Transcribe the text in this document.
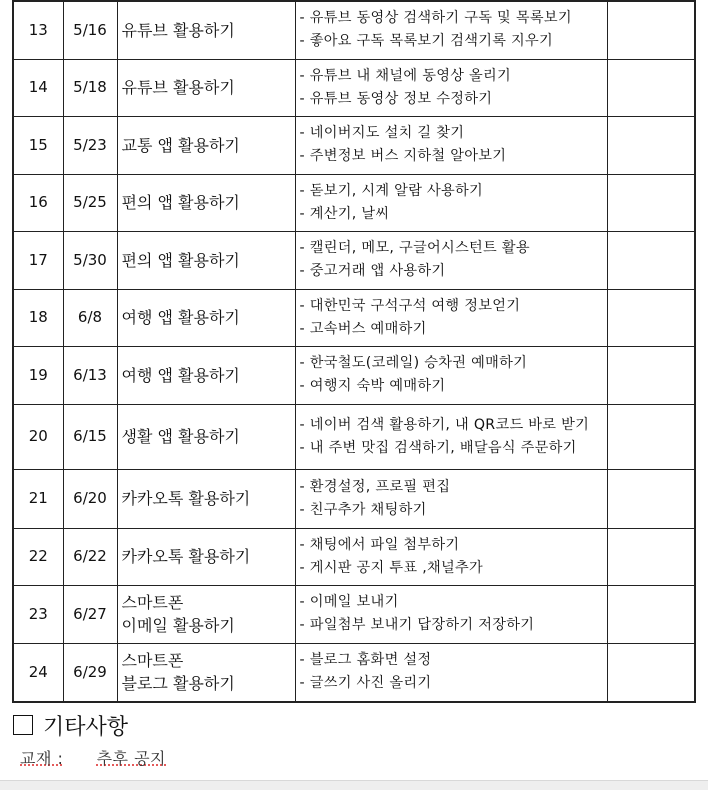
13	5/16	유튜브 활용하기	- 유튜브 동영상 검색하기 구독 및 목록보기
- 좋아요 구독 목록보기 검색기록 지우기	

14	5/18	유튜브 활용하기	- 유튜브 내 채널에 동영상 올리기
- 유튜브 동영상 정보 수정하기	

15	5/23	교통 앱 활용하기	- 네이버지도 설치 길 찾기
- 주변정보 버스 지하철 알아보기	

16	5/25	편의 앱 활용하기	- 돋보기, 시계 알람 사용하기
- 계산기, 날씨	

17	5/30	편의 앱 활용하기	- 캘린더, 메모, 구글어시스턴트 활용
- 중고거래 앱 사용하기	

18	6/8	여행 앱 활용하기	- 대한민국 구석구석 여행 정보얻기
- 고속버스 예매하기	

19	6/13	여행 앱 활용하기	- 한국철도(코레일) 승차권 예매하기
- 여행지 숙박 예매하기	

20	6/15	생활 앱 활용하기	- 네이버 검색 활용하기, 내 QR코드 바로 받기
- 내 주변 맛집 검색하기, 배달음식 주문하기	

21	6/20	카카오톡 활용하기	- 환경설정, 프로필 편집
- 친구추가 채팅하기	

22	6/22	카카오톡 활용하기	- 채팅에서 파일 첨부하기
- 게시판 공지 투표 ,채널추가	

23	6/27	스마트폰
이메일 활용하기	- 이메일 보내기
- 파일첨부 보내기 답장하기 저장하기	

24	6/29	스마트폰
블로그 활용하기	- 블로그 홈화면 설정
- 글쓰기 사진 올리기	

기타사항
교재 : 추후 공지
